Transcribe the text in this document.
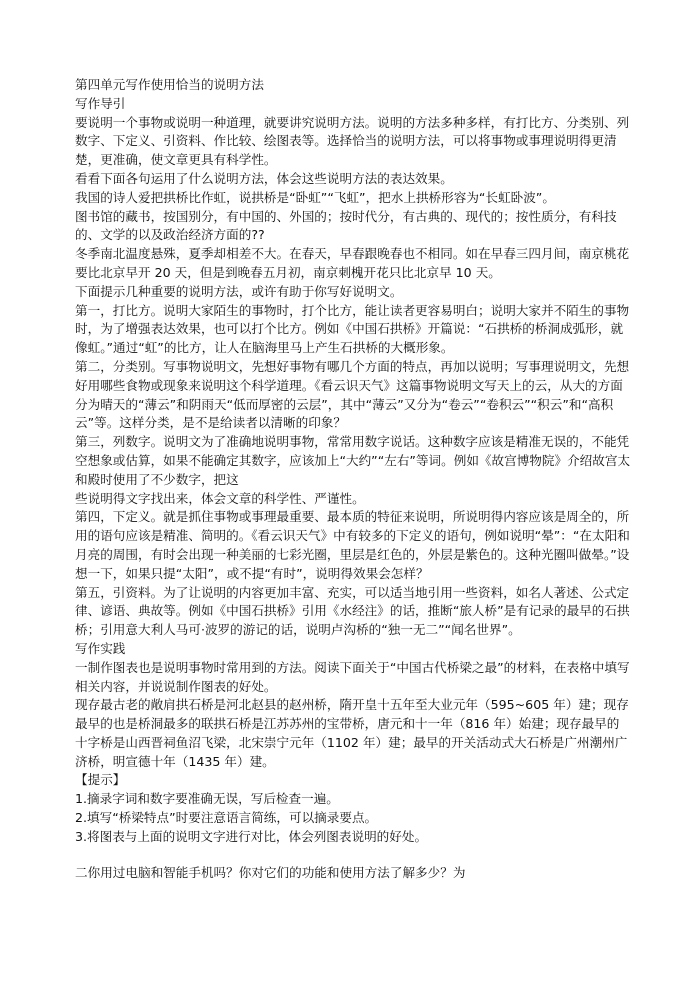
第四单元写作使用恰当的说明方法

写作导引

要说明一个事物或说明一种道理，就要讲究说明方法。说明的方法多种多样，有打比方、分类别、列数字、下定义、引资料、作比较、绘图表等。选择恰当的说明方法，可以将事物或事理说明得更清楚，更准确，使文章更具有科学性。

看看下面各句运用了什么说明方法，体会这些说明方法的表达效果。

我国的诗人爱把拱桥比作虹，说拱桥是“卧虹”“飞虹”，把水上拱桥形容为“长虹卧波”。

图书馆的藏书，按国别分，有中国的、外国的；按时代分，有古典的、现代的；按性质分，有科技的、文学的以及政治经济方面的??

冬季南北温度悬殊，夏季却相差不大。在春天，早春跟晚春也不相同。如在早春三四月间，南京桃花要比北京早开 20 天，但是到晚春五月初，南京刺槐开花只比北京早 10 天。

下面提示几种重要的说明方法，或许有助于你写好说明文。

第一，打比方。说明大家陌生的事物时，打个比方，能让读者更容易明白；说明大家并不陌生的事物时，为了增强表达效果，也可以打个比方。例如《中国石拱桥》开篇说：“石拱桥的桥洞成弧形，就像虹。”通过“虹”的比方，让人在脑海里马上产生石拱桥的大概形象。

第二，分类别。写事物说明文，先想好事物有哪几个方面的特点，再加以说明；写事理说明文，先想好用哪些食物或现象来说明这个科学道理。《看云识天气》这篇事物说明文写天上的云，从大的方面分为晴天的“薄云”和阴雨天“低而厚密的云层”，其中“薄云”又分为“卷云”“卷积云”“积云”和“高积云”等。这样分类，是不是给读者以清晰的印象？

第三，列数字。说明文为了准确地说明事物，常常用数字说话。这种数字应该是精准无误的，不能凭空想象或估算，如果不能确定其数字，应该加上“大约”“左右”等词。例如《故宫博物院》介绍故宫太和殿时使用了不少数字，把这

些说明得文字找出来，体会文章的科学性、严谨性。

第四，下定义。就是抓住事物或事理最重要、最本质的特征来说明，所说明得内容应该是周全的，所用的语句应该是精准、简明的。《看云识天气》中有较多的下定义的语句，例如说明“晕”：“在太阳和月亮的周围，有时会出现一种美丽的七彩光圈，里层是红色的，外层是紫色的。这种光圈叫做晕。”设想一下，如果只提“太阳”，或不提“有时”，说明得效果会怎样？

第五，引资料。为了让说明的内容更加丰富、充实，可以适当地引用一些资料，如名人著述、公式定律、谚语、典故等。例如《中国石拱桥》引用《水经注》的话，推断“旅人桥”是有记录的最早的石拱桥；引用意大利人马可·波罗的游记的话，说明卢沟桥的“独一无二”“闻名世界”。

写作实践

一制作图表也是说明事物时常用到的方法。阅读下面关于“中国古代桥梁之最”的材料，在表格中填写相关内容，并说说制作图表的好处。

现存最古老的敞肩拱石桥是河北赵县的赵州桥，隋开皇十五年至大业元年（595~605 年）建；现存最早的也是桥洞最多的联拱石桥是江苏苏州的宝带桥，唐元和十一年（816 年）始建；现存最早的十字桥是山西晋祠鱼沼飞梁，北宋崇宁元年（1102 年）建；最早的开关活动式大石桥是广州潮州广济桥，明宣德十年（1435 年）建。

【提示】

1.摘录字词和数字要准确无误，写后检查一遍。

2.填写“桥梁特点”时要注意语言简练，可以摘录要点。

3.将图表与上面的说明文字进行对比，体会列图表说明的好处。

二你用过电脑和智能手机吗？你对它们的功能和使用方法了解多少？为
